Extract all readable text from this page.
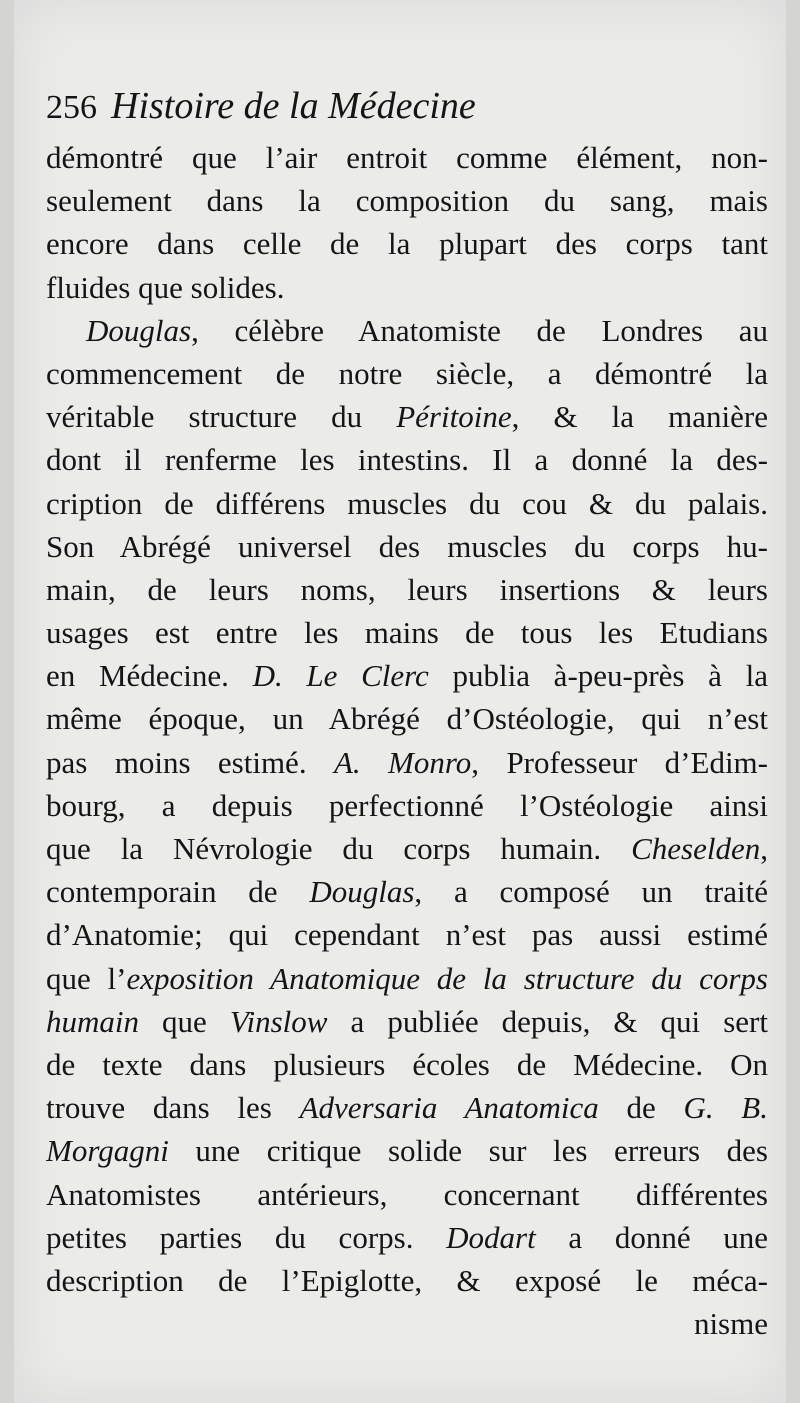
256 Histoire de la Médecine
démontré que l’air entroit comme élément, non-
seulement dans la composition du sang, mais
encore dans celle de la plupart des corps tant
fluides que solides.
Douglas, célèbre Anatomiste de Londres au
commencement de notre siècle, a démontré la
véritable structure du Péritoine, & la manière
dont il renferme les intestins. Il a donné la des-
cription de différens muscles du cou & du palais.
Son Abrégé universel des muscles du corps hu-
main, de leurs noms, leurs insertions & leurs
usages est entre les mains de tous les Etudians
en Médecine. D. Le Clerc publia à-peu-près à la
même époque, un Abrégé d’Ostéologie, qui n’est
pas moins estimé. A. Monro, Professeur d’Edim-
bourg, a depuis perfectionné l’Ostéologie ainsi
que la Névrologie du corps humain. Cheselden,
contemporain de Douglas, a composé un traité
d’Anatomie; qui cependant n’est pas aussi estimé
que l’exposition Anatomique de la structure du corps
humain que Vinslow a publiée depuis, & qui sert
de texte dans plusieurs écoles de Médecine. On
trouve dans les Adversaria Anatomica de G. B.
Morgagni une critique solide sur les erreurs des
Anatomistes antérieurs, concernant différentes
petites parties du corps. Dodart a donné une
description de l’Epiglotte, & exposé le méca-
nisme
